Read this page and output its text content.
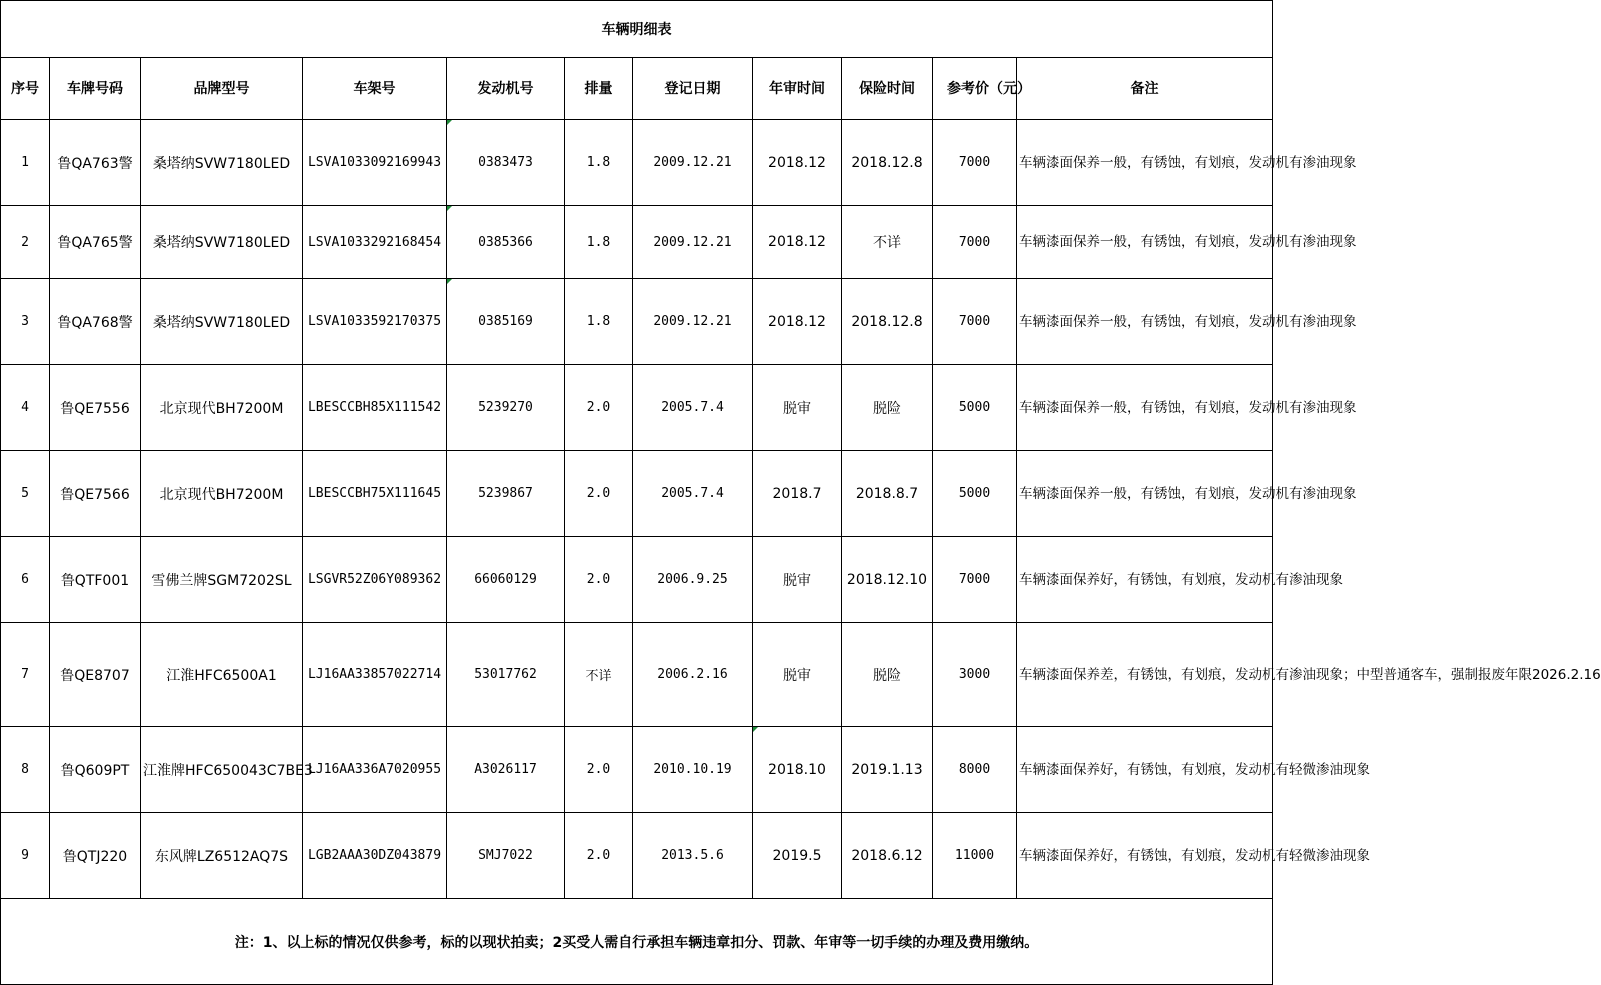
车辆明细表										
序号	车牌号码	品牌型号	车架号	发动机号	排量	登记日期	年审时间	保险时间	参考价（元）	备注
1	鲁QA763警	桑塔纳SVW7180LED	LSVA1033092169943	0383473	1.8	2009.12.21	2018.12	2018.12.8	7000	车辆漆面保养一般，有锈蚀，有划痕，发动机有渗油现象
2	鲁QA765警	桑塔纳SVW7180LED	LSVA1033292168454	0385366	1.8	2009.12.21	2018.12	不详	7000	车辆漆面保养一般，有锈蚀，有划痕，发动机有渗油现象
3	鲁QA768警	桑塔纳SVW7180LED	LSVA1033592170375	0385169	1.8	2009.12.21	2018.12	2018.12.8	7000	车辆漆面保养一般，有锈蚀，有划痕，发动机有渗油现象
4	鲁QE7556	北京现代BH7200M	LBESCCBH85X111542	5239270	2.0	2005.7.4	脱审	脱险	5000	车辆漆面保养一般，有锈蚀，有划痕，发动机有渗油现象
5	鲁QE7566	北京现代BH7200M	LBESCCBH75X111645	5239867	2.0	2005.7.4	2018.7	2018.8.7	5000	车辆漆面保养一般，有锈蚀，有划痕，发动机有渗油现象
6	鲁QTF001	雪佛兰牌SGM7202SL	LSGVR52Z06Y089362	66060129	2.0	2006.9.25	脱审	2018.12.10	7000	车辆漆面保养好，有锈蚀，有划痕，发动机有渗油现象
7	鲁QE8707	江淮HFC6500A1	LJ16AA33857022714	53017762	不详	2006.2.16	脱审	脱险	3000	车辆漆面保养差，有锈蚀，有划痕，发动机有渗油现象；中型普通客车，强制报废年限2026.2.16
8	鲁Q609PT	江淮牌HFC650043C7BE3	LJ16AA336A7020955	A3026117	2.0	2010.10.19	2018.10	2019.1.13	8000	车辆漆面保养好，有锈蚀，有划痕，发动机有轻微渗油现象
9	鲁QTJ220	东风牌LZ6512AQ7S	LGB2AAA30DZ043879	SMJ7022	2.0	2013.5.6	2019.5	2018.6.12	11000	车辆漆面保养好，有锈蚀，有划痕，发动机有轻微渗油现象
注：1、以上标的情况仅供参考，标的以现状拍卖；2买受人需自行承担车辆违章扣分、罚款、年审等一切手续的办理及费用缴纳。										
